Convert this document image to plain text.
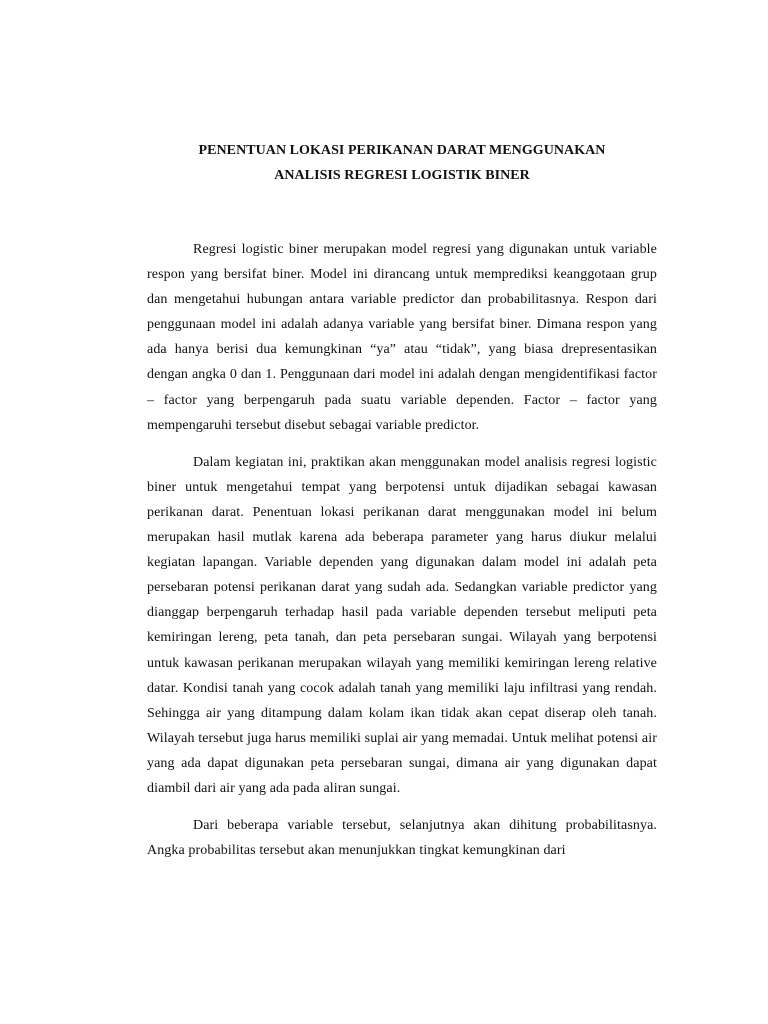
PENENTUAN LOKASI PERIKANAN DARAT MENGGUNAKAN
ANALISIS REGRESI LOGISTIK BINER

Regresi logistic biner merupakan model regresi yang digunakan untuk variable respon yang bersifat biner. Model ini dirancang untuk memprediksi keanggotaan grup dan mengetahui hubungan antara variable predictor dan probabilitasnya. Respon dari penggunaan model ini adalah adanya variable yang bersifat biner. Dimana respon yang ada hanya berisi dua kemungkinan “ya” atau “tidak”, yang biasa drepresentasikan dengan angka 0 dan 1. Penggunaan dari model ini adalah dengan mengidentifikasi factor – factor yang berpengaruh pada suatu variable dependen. Factor – factor yang mempengaruhi tersebut disebut sebagai variable predictor.

Dalam kegiatan ini, praktikan akan menggunakan model analisis regresi logistic biner untuk mengetahui tempat yang berpotensi untuk dijadikan sebagai kawasan perikanan darat. Penentuan lokasi perikanan darat menggunakan model ini belum merupakan hasil mutlak karena ada beberapa parameter yang harus diukur melalui kegiatan lapangan. Variable dependen yang digunakan dalam model ini adalah peta persebaran potensi perikanan darat yang sudah ada. Sedangkan variable predictor yang dianggap berpengaruh terhadap hasil pada variable dependen tersebut meliputi peta kemiringan lereng, peta tanah, dan peta persebaran sungai. Wilayah yang berpotensi untuk kawasan perikanan merupakan wilayah yang memiliki kemiringan lereng relative datar. Kondisi tanah yang cocok adalah tanah yang memiliki laju infiltrasi yang rendah. Sehingga air yang ditampung dalam kolam ikan tidak akan cepat diserap oleh tanah. Wilayah tersebut juga harus memiliki suplai air yang memadai. Untuk melihat potensi air yang ada dapat digunakan peta persebaran sungai, dimana air yang digunakan dapat diambil dari air yang ada pada aliran sungai.

Dari beberapa variable tersebut, selanjutnya akan dihitung probabilitasnya. Angka probabilitas tersebut akan menunjukkan tingkat kemungkinan dari
